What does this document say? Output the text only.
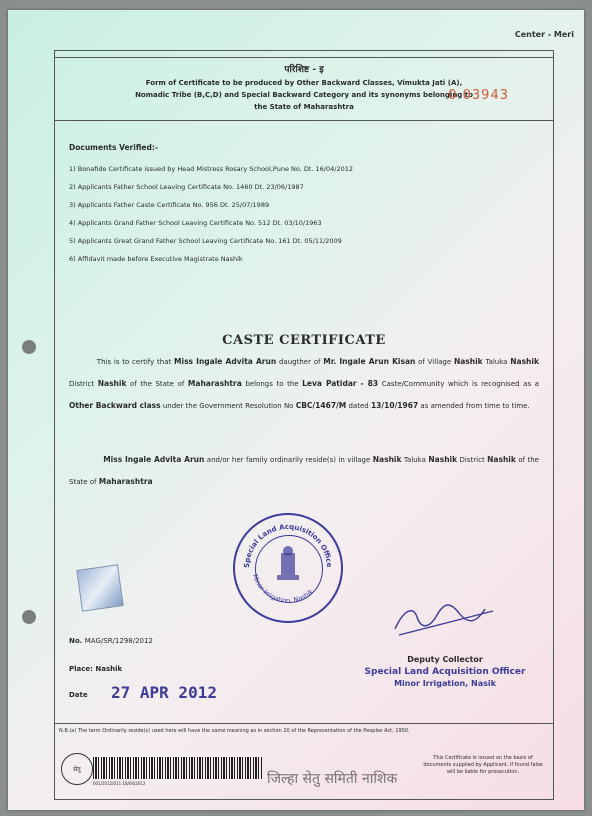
Center - Meri
परिशिष्ट - इ
Form of Certificate to be produced by Other Backward Classes, Vimukta Jati (A),
Nomadic Tribe (B,C,D) and Special Backward Category and its synonyms belonging to
the State of Maharashtra
0 03943
Documents Verified:-
1) Bonafide Certificate issued by Head Mistress Rosary School,Pune No. Dt. 16/04/2012
2) Applicants Father School Leaving Certificate No. 1460 Dt. 23/06/1987
3) Applicants Father Caste Certificate No. 956 Dt. 25/07/1989
4) Applicants Grand Father School Leaving Certificate No. 512 Dt. 03/10/1963
5) Applicants Great Grand Father School Leaving Certificate No. 161 Dt. 05/11/2009
6) Affidavit made before Executive Magistrate Nashik
CASTE CERTIFICATE
This is to certify that Miss Ingale Advita Arun daugther of Mr. Ingale Arun Kisan of Village Nashik Taluka Nashik District Nashik of the State of Maharashtra belongs to the Leva Patidar - 83 Caste/Community which is recognised as a Other Backward class under the Government Resolution No CBC/1467/M dated 13/10/1967 as amended from time to time.
Miss Ingale Advita Arun and/or her family ordinarily reside(s) in village Nashik Taluka Nashik District Nashik of the State of Maharashtra
Special Land Acquisition Office
Minor Irrigation, Nashik
No. MAG/SR/1298/2012
Place: Nashik
Date 27 APR 2012
Deputy Collector
Special Land Acquisition Officer
Minor Irrigation, Nasik
N.B.(a) The term Ordinarily reside(s) used here will have the same meaning as in section 20 of the Representation of the Peoples Act, 1950.
सेतु
001/2012/011 18/04/2012	जिल्हा सेतु समिती नाशिक
This Certificate is issued on the basis of documents supplied by Applicant. If found false will be liable for prosecution.
